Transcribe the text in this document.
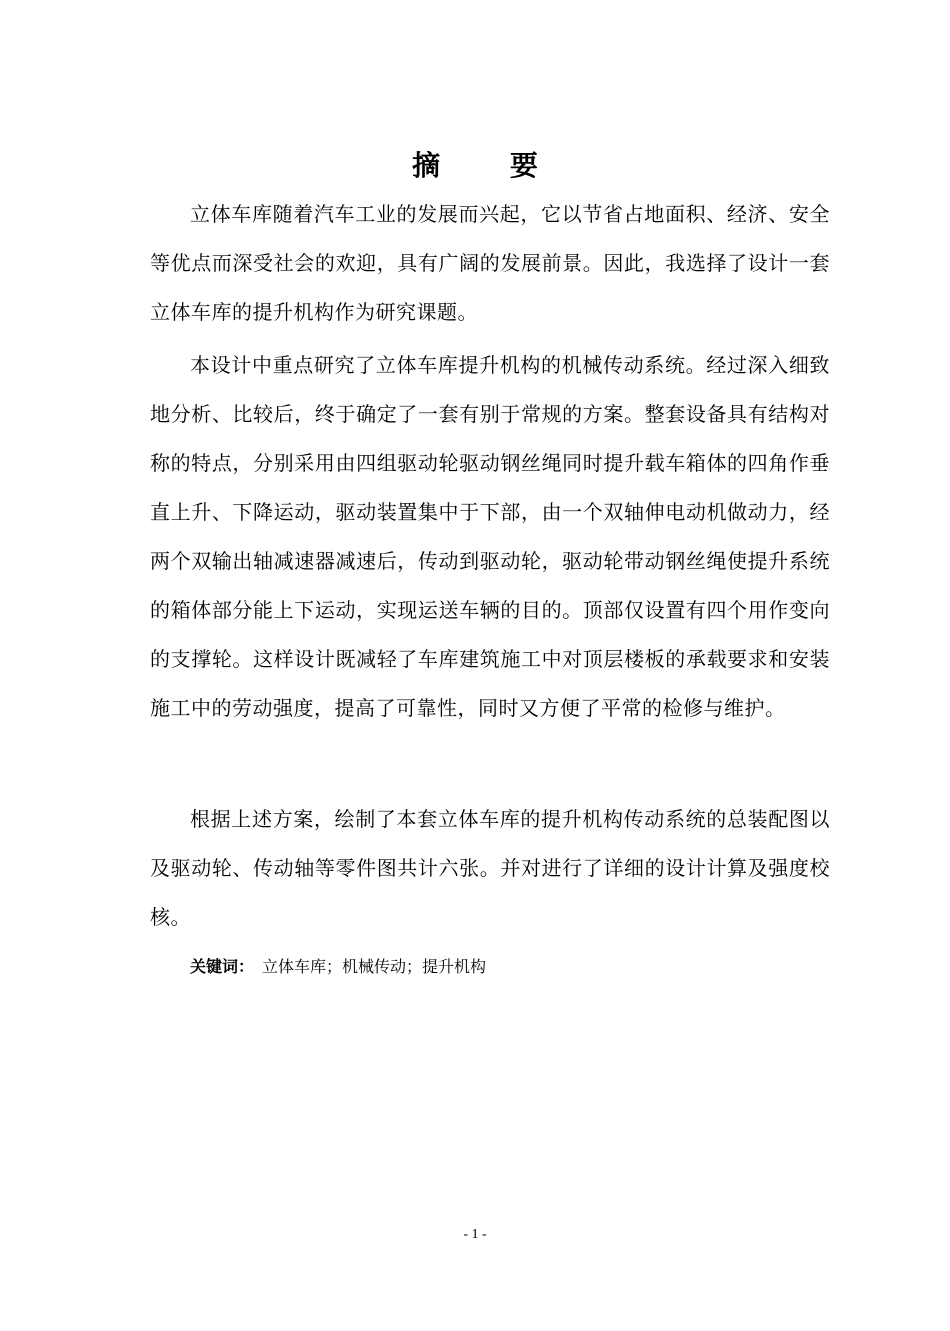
摘 要

立体车库随着汽车工业的发展而兴起，它以节省占地面积、经济、安全等优点而深受社会的欢迎，具有广阔的发展前景。因此，我选择了设计一套立体车库的提升机构作为研究课题。

本设计中重点研究了立体车库提升机构的机械传动系统。经过深入细致地分析、比较后，终于确定了一套有别于常规的方案。整套设备具有结构对称的特点，分别采用由四组驱动轮驱动钢丝绳同时提升载车箱体的四角作垂直上升、下降运动，驱动装置集中于下部，由一个双轴伸电动机做动力，经两个双输出轴减速器减速后，传动到驱动轮，驱动轮带动钢丝绳使提升系统的箱体部分能上下运动，实现运送车辆的目的。顶部仅设置有四个用作变向的支撑轮。这样设计既减轻了车库建筑施工中对顶层楼板的承载要求和安装施工中的劳动强度，提高了可靠性，同时又方便了平常的检修与维护。

根据上述方案，绘制了本套立体车库的提升机构传动系统的总装配图以及驱动轮、传动轴等零件图共计六张。并对进行了详细的设计计算及强度校核。

关键词： 立体车库；机械传动；提升机构
- 1 -
